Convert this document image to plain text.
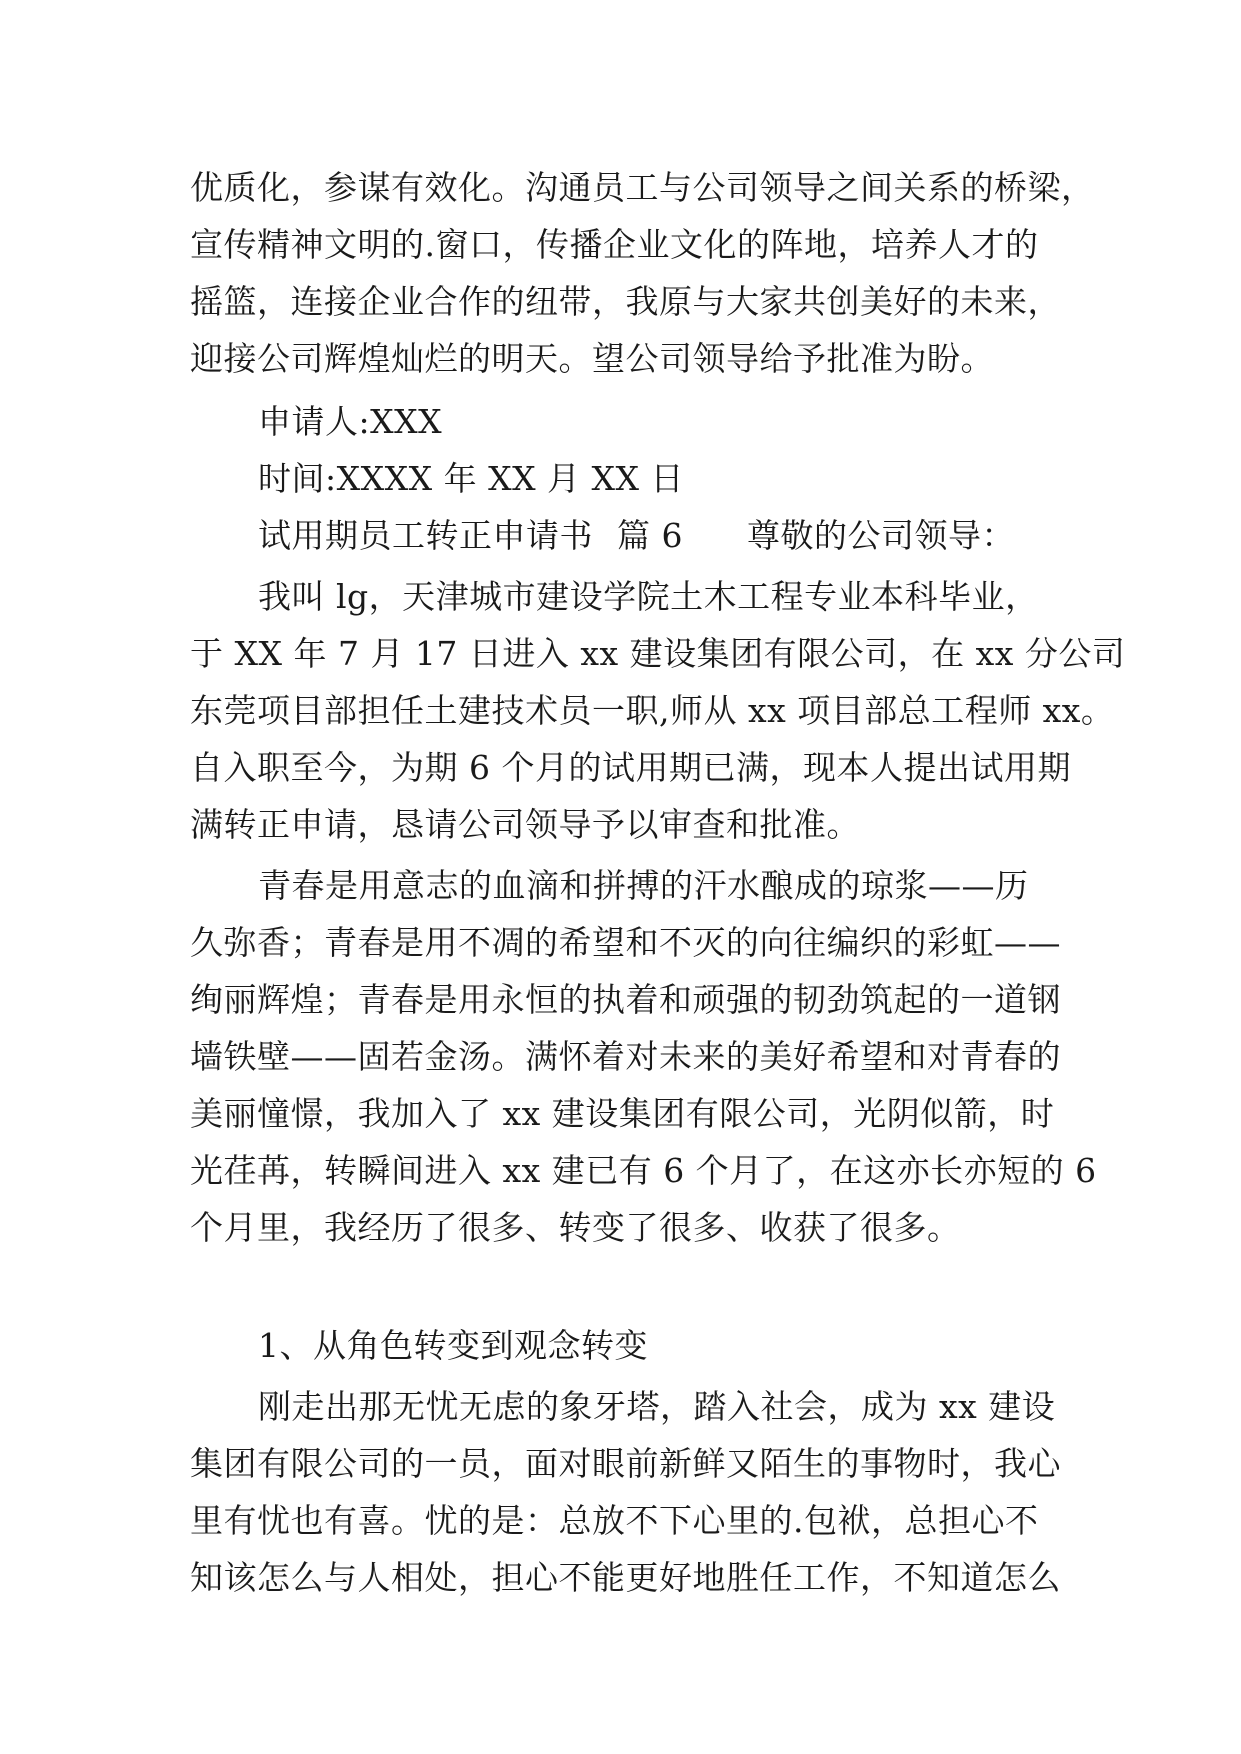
优质化，参谋有效化。沟通员工与公司领导之间关系的桥梁，
宣传精神文明的.窗口，传播企业文化的阵地，培养人才的
摇篮，连接企业合作的纽带，我原与大家共创美好的未来，
迎接公司辉煌灿烂的明天。望公司领导给予批准为盼。
申请人:XXX
时间:XXXX 年 XX 月 XX 日
试用期员工转正申请书 篇 6 尊敬的公司领导：
我叫 lg，天津城市建设学院土木工程专业本科毕业，
于 XX 年 7 月 17 日进入 xx 建设集团有限公司，在 xx 分公司
东莞项目部担任土建技术员一职,师从 xx 项目部总工程师 xx。
自入职至今，为期 6 个月的试用期已满，现本人提出试用期
满转正申请，恳请公司领导予以审查和批准。
青春是用意志的血滴和拼搏的汗水酿成的琼浆——历
久弥香；青春是用不凋的希望和不灭的向往编织的彩虹——
绚丽辉煌；青春是用永恒的执着和顽强的韧劲筑起的一道钢
墙铁壁——固若金汤。满怀着对未来的美好希望和对青春的
美丽憧憬，我加入了 xx 建设集团有限公司，光阴似箭，时
光荏苒，转瞬间进入 xx 建已有 6 个月了，在这亦长亦短的 6
个月里，我经历了很多、转变了很多、收获了很多。
1、从角色转变到观念转变
刚走出那无忧无虑的象牙塔，踏入社会，成为 xx 建设
集团有限公司的一员，面对眼前新鲜又陌生的事物时，我心
里有忧也有喜。忧的是：总放不下心里的.包袱，总担心不
知该怎么与人相处，担心不能更好地胜任工作，不知道怎么
